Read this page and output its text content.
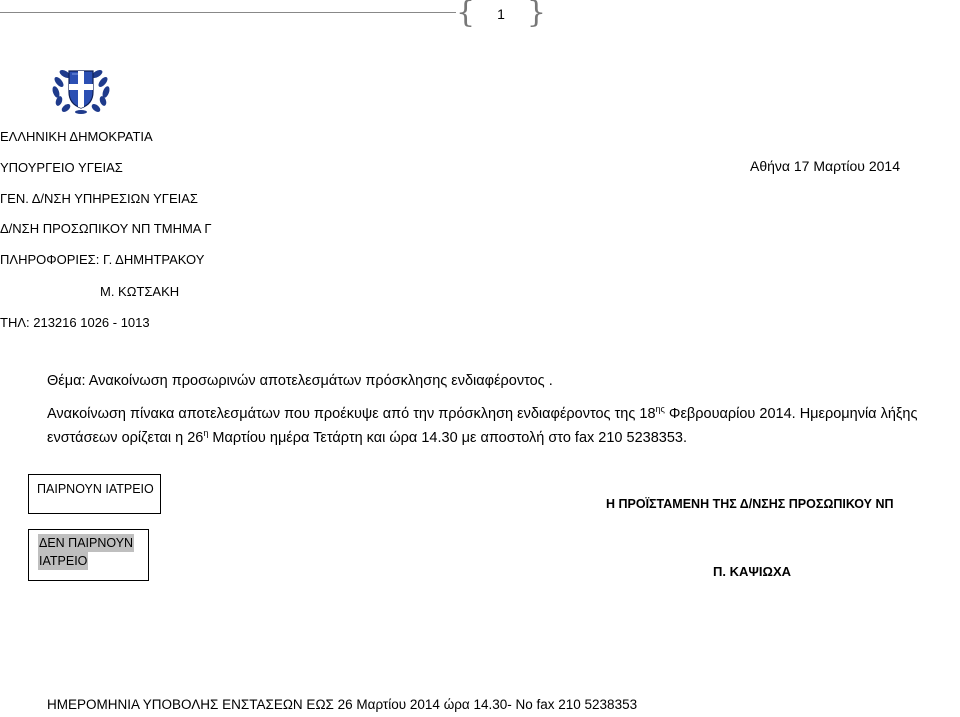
{	1 }
ΕΛΛΗΝΙΚΗ ΔΗΜΟΚΡΑΤΙΑ
ΥΠΟΥΡΓΕΙΟ ΥΓΕΙΑΣ	Αθήνα 17 Μαρτίου 2014
ΓΕΝ. Δ/ΝΣΗ ΥΠΗΡΕΣΙΩΝ ΥΓΕΙΑΣ
Δ/ΝΣΗ ΠΡΟΣΩΠΙΚΟΥ ΝΠ ΤΜΗΜΑ Γ
ΠΛΗΡΟΦΟΡΙΕΣ: Γ. ΔΗΜΗΤΡΑΚΟΥ
Μ. ΚΩΤΣΑΚΗ
ΤΗΛ: 213216 1026 - 1013
Θέμα: Ανακοίνωση προσωρινών αποτελεσμάτων πρόσκλησης ενδιαφέροντος .
Ανακοίνωση πίνακα αποτελεσμάτων που προέκυψε από την πρόσκληση ενδιαφέροντος της $18^{\eta\varsigma}$ Φεβρουαρίου 2014. Ημερομηνία λήξης
ενστάσεων ορίζεται η $26^\eta$ Μαρτίου ημέρα Τετάρτη και ώρα 14.30 με αποστολή στο fax 210 5238353.
ΠΑΙΡΝΟΥΝ ΙΑΤΡΕΙΟ
Η ΠΡΟΪΣΤΑΜΕΝΗ ΤΗΣ Δ/ΝΣΗΣ ΠΡΟΣΩΠΙΚΟΥ ΝΠ
ΔΕΝ ΠΑΙΡΝΟΥΝ
ΙΑΤΡΕΙΟ
Π. ΚΑΨΙΩΧΑ
ΗΜΕΡΟΜΗΝΙΑ ΥΠΟΒΟΛΗΣ ΕΝΣΤΑΣΕΩΝ ΕΩΣ 26 Μαρτίου 2014 ώρα 14.30- Νο fax 210 5238353
